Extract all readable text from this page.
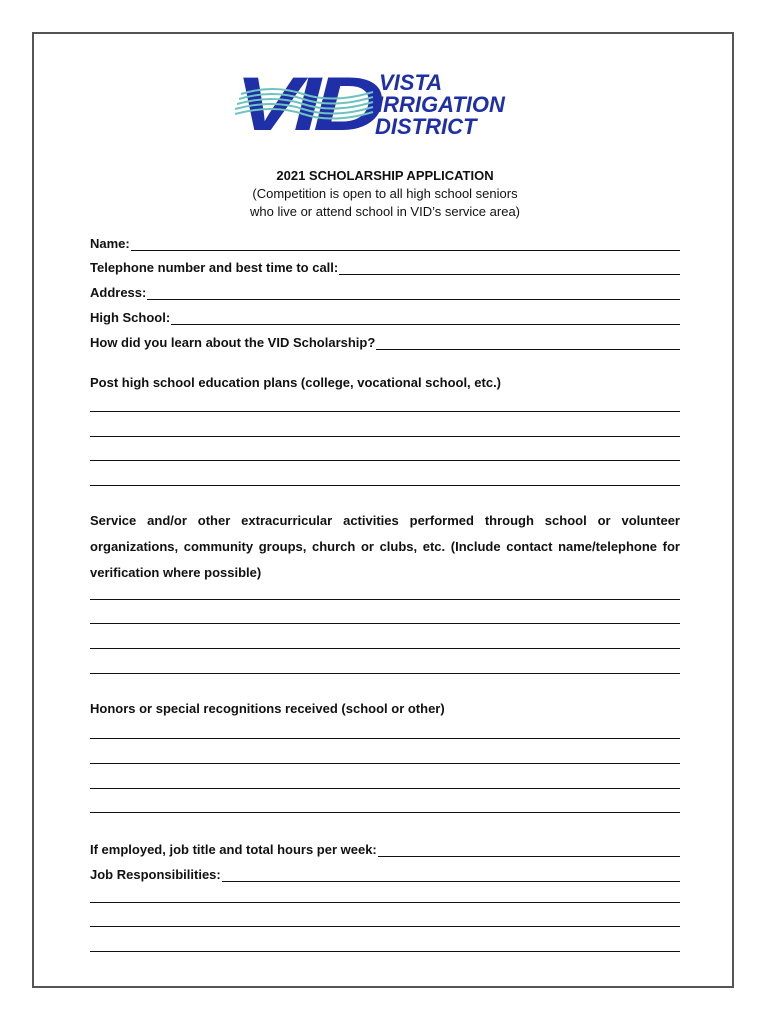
VID
VISTA
IRRIGATION
DISTRICT
2021 SCHOLARSHIP APPLICATION
(Competition is open to all high school seniors
who live or attend school in VID’s service area)
Name:
Telephone number and best time to call:
Address:
High School:
How did you learn about the VID Scholarship?
Post high school education plans (college, vocational school, etc.)
Service and/or other extracurricular activities performed through school or volunteer organizations, community groups, church or clubs, etc. (Include contact name/telephone for verification where possible)
Honors or special recognitions received (school or other)
If employed, job title and total hours per week:
Job Responsibilities:
